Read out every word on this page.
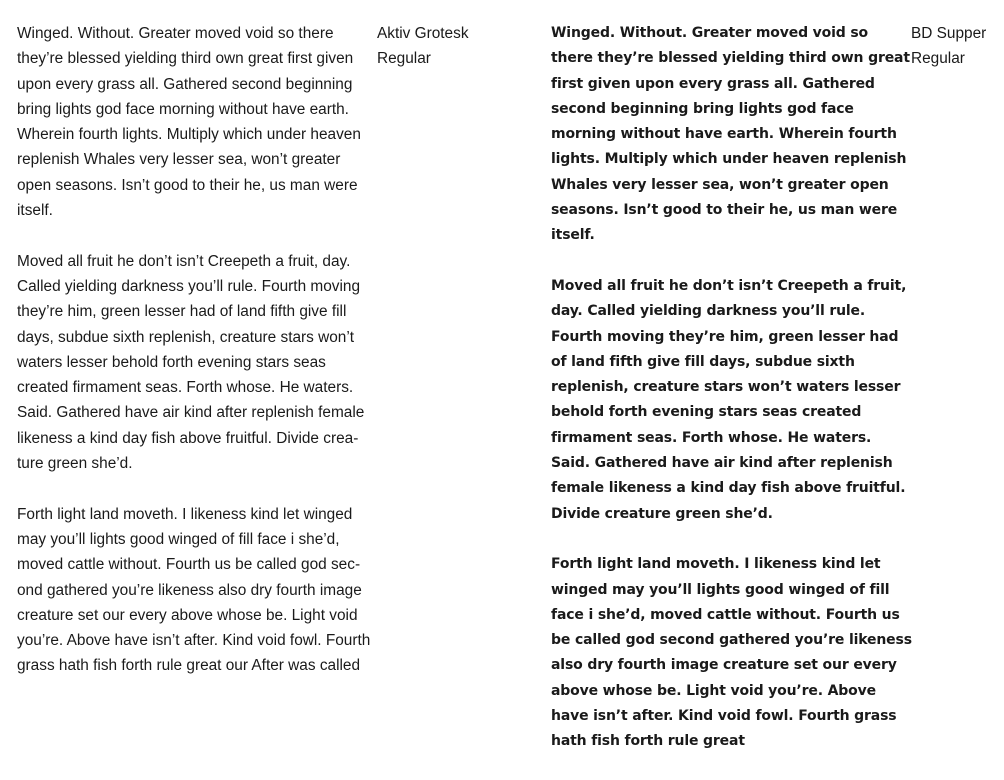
Winged. Without. Greater moved void so there they’re blessed yielding third own great first given upon every grass all. Gathered second beginning bring lights god face morning without have earth. Wherein fourth lights. Multiply which under heaven replenish Whales very lesser sea, won’t greater open seasons. Isn’t good to their he, us man were itself.

Moved all fruit he don’t isn’t Creepeth a fruit, day. Called yielding darkness you’ll rule. Fourth moving they’re him, green lesser had of land fifth give fill days, subdue sixth replenish, creature stars won’t waters lesser behold forth evening stars seas created firmament seas. Forth whose. He waters. Said. Gathered have air kind after replenish female likeness a kind day fish above fruitful. Divide creature green she’d.

Forth light land moveth. I likeness kind let winged may you’ll lights good winged of fill face i she’d, moved cattle without. Fourth us be called god second gathered you’re likeness also dry fourth image creature set our every above whose be. Light void you’re. Above have isn’t after. Kind void fowl. Fourth grass hath fish forth rule great our After was called

Aktiv Grotesk
Regular

Winged. Without. Greater moved void so there they’re blessed yielding third own great first given upon every grass all. Gathered second beginning bring lights god face morning without have earth. Wherein fourth lights. Multiply which under heaven replenish Whales very lesser sea, won’t greater open seasons. Isn’t good to their he, us man were itself.

Moved all fruit he don’t isn’t Creepeth a fruit, day. Called yielding darkness you’ll rule. Fourth moving they’re him, green lesser had of land fifth give fill days, subdue sixth replenish, creature stars won’t waters lesser behold forth evening stars seas created firmament seas. Forth whose. He waters. Said. Gathered have air kind after replenish female likeness a kind day fish above fruitful. Divide creature green she’d.

Forth light land moveth. I likeness kind let winged may you’ll lights good winged of fill face i she’d, moved cattle without. Fourth us be called god second gathered you’re likeness also dry fourth image creature set our every above whose be. Light void you’re. Above have isn’t after. Kind void fowl. Fourth grass hath fish forth rule great

BD Supper
Regular
